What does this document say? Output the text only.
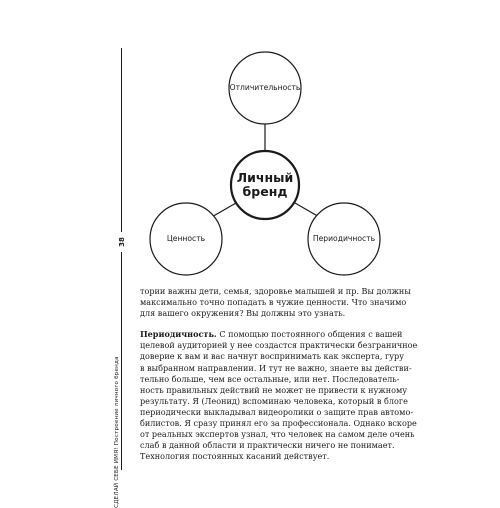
38
СДЕЛАЙ СЕБЕ ИМЯ! Построение личного бренда
Отличительность
Личный
бренд
Ценность	Периодичность

тории важны дети, семья, здоровье малышей и пр. Вы должны
максимально точно попадать в чужие ценности. Что значимо
для вашего окружения? Вы должны это узнать.

Периодичность. С помощью постоянного общения с вашей
целевой аудиторией у нее создастся практически безграничное
доверие к вам и вас начнут воспринимать как эксперта, гуру
в выбранном направлении. И тут не важно, знаете вы действи-
тельно больше, чем все остальные, или нет. Последователь-
ность правильных действий не может не привести к нужному
результату. Я (Леонид) вспоминаю человека, который в блоге
периодически выкладывал видеоролики о защите прав автомо-
билистов. Я сразу принял его за профессионала. Однако вскоре
от реальных экспертов узнал, что человек на самом деле очень
слаб в данной области и практически ничего не понимает.
Технология постоянных касаний действует.
